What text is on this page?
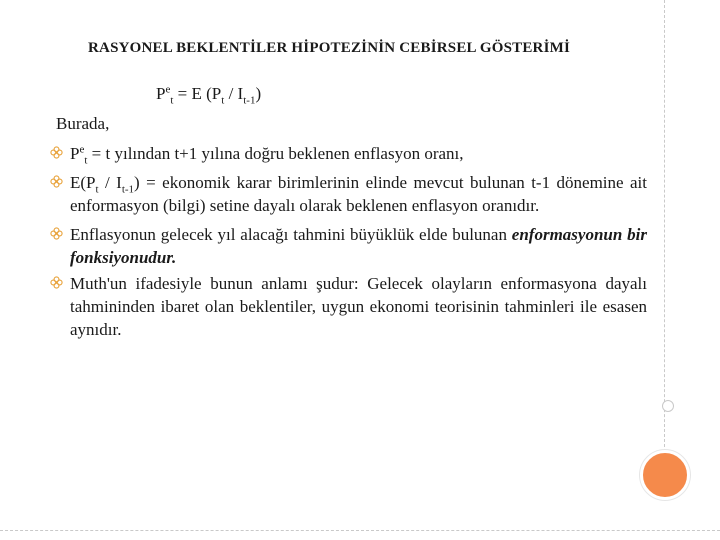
RASYONEL BEKLENTİLER HİPOTEZİNİN CEBİRSEL GÖSTERİMİ
$P^e_t = E$ $(P_t / I_{t-1})$
Burada,
$P^e_t = t$ yılından t+1 yılına doğru beklenen enflasyon oranı,
$E(P_t / I_{t-1})$ = ekonomik karar birimlerinin elinde mevcut bulunan t-1 dönemine ait enformasyon (bilgi) setine dayalı olarak beklenen enflasyon oranıdır.
Enflasyonun gelecek yıl alacağı tahmini büyüklük elde bulunan enformasyonun bir fonksiyonudur.
Muth'un ifadesiyle bunun anlamı şudur: Gelecek olayların enformasyona dayalı tahmininden ibaret olan beklentiler, uygun ekonomi teorisinin tahminleri ile esasen aynıdır.
